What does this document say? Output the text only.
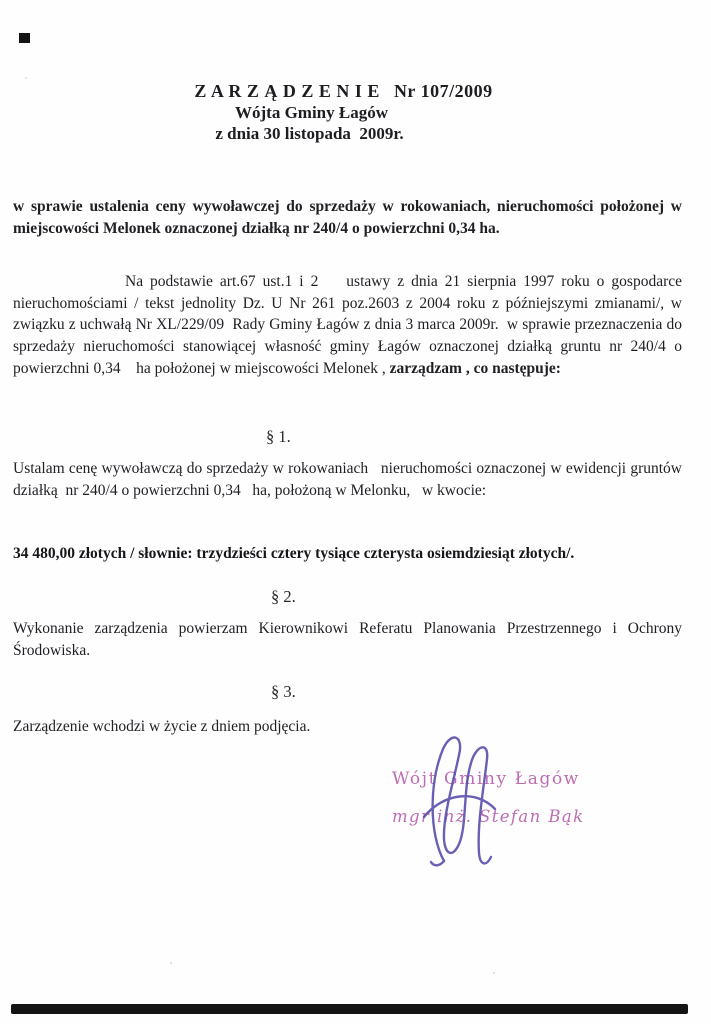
Z A R Z Ą D Z E N I E Nr 107/2009
Wójta Gminy Łagów
z dnia 30 listopada  2009r.
w sprawie ustalenia ceny wywoławczej do sprzedaży w rokowaniach, nieruchomości położonej w miejscowości Melonek oznaczonej działką nr 240/4 o powierzchni 0,34 ha.
Na podstawie art.67 ust.1 i 2    ustawy z dnia 21 sierpnia 1997 roku o gospodarce nieruchomościami / tekst jednolity Dz. U Nr 261 poz.2603 z 2004 roku z późniejszymi zmianami/, w związku z uchwałą Nr XL/229/09  Rady Gminy Łagów z dnia 3 marca 2009r.  w sprawie przeznaczenia do sprzedaży nieruchomości stanowiącej własność gminy Łagów oznaczonej działką gruntu nr 240/4 o powierzchni 0,34    ha położonej w miejscowości Melonek , zarządzam , co następuje:
§ 1.
Ustalam cenę wywoławczą do sprzedaży w rokowaniach   nieruchomości oznaczonej w ewidencji gruntów działką  nr 240/4 o powierzchni 0,34   ha, położoną w Melonku,   w kwocie:
34 480,00 złotych / słownie: trzydzieści cztery tysiące czterysta osiemdziesiąt złotych/.
§ 2.
Wykonanie zarządzenia powierzam Kierownikowi Referatu Planowania Przestrzennego i Ochrony Środowiska.
§ 3.
Zarządzenie wchodzi w życie z dniem podjęcia.
Wójt Gminy Łagów
mgr inż. Stefan Bąk
